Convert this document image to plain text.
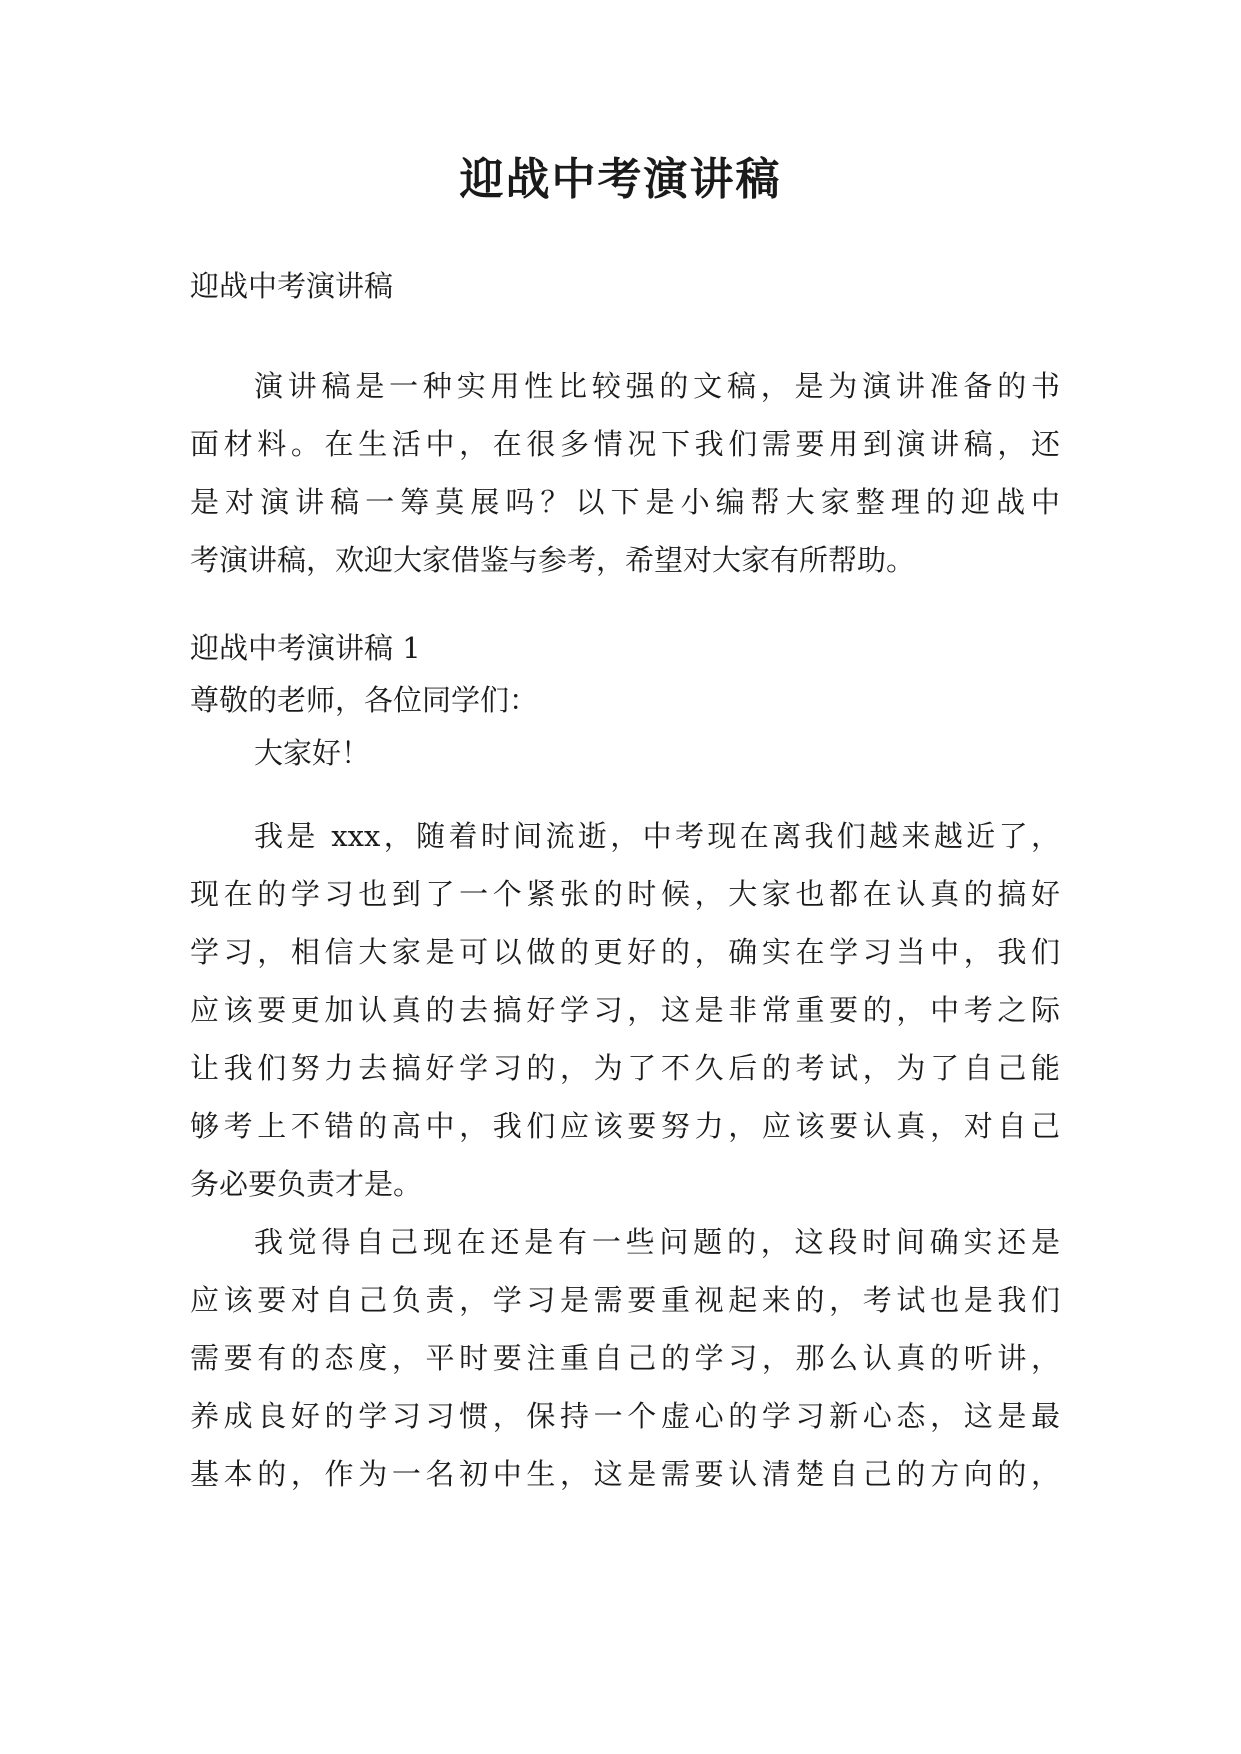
迎战中考演讲稿

迎战中考演讲稿

演讲稿是一种实用性比较强的文稿，是为演讲准备的书
面材料。在生活中，在很多情况下我们需要用到演讲稿，还
是对演讲稿一筹莫展吗？以下是小编帮大家整理的迎战中
考演讲稿，欢迎大家借鉴与参考，希望对大家有所帮助。

迎战中考演讲稿 1

尊敬的老师，各位同学们：

大家好！

我是 xxx，随着时间流逝，中考现在离我们越来越近了，
现在的学习也到了一个紧张的时候，大家也都在认真的搞好
学习，相信大家是可以做的更好的，确实在学习当中，我们
应该要更加认真的去搞好学习，这是非常重要的，中考之际
让我们努力去搞好学习的，为了不久后的考试，为了自己能
够考上不错的高中，我们应该要努力，应该要认真，对自己
务必要负责才是。
我觉得自己现在还是有一些问题的，这段时间确实还是
应该要对自己负责，学习是需要重视起来的，考试也是我们
需要有的态度，平时要注重自己的学习，那么认真的听讲，
养成良好的学习习惯，保持一个虚心的学习新心态，这是最
基本的，作为一名初中生，这是需要认清楚自己的方向的，
